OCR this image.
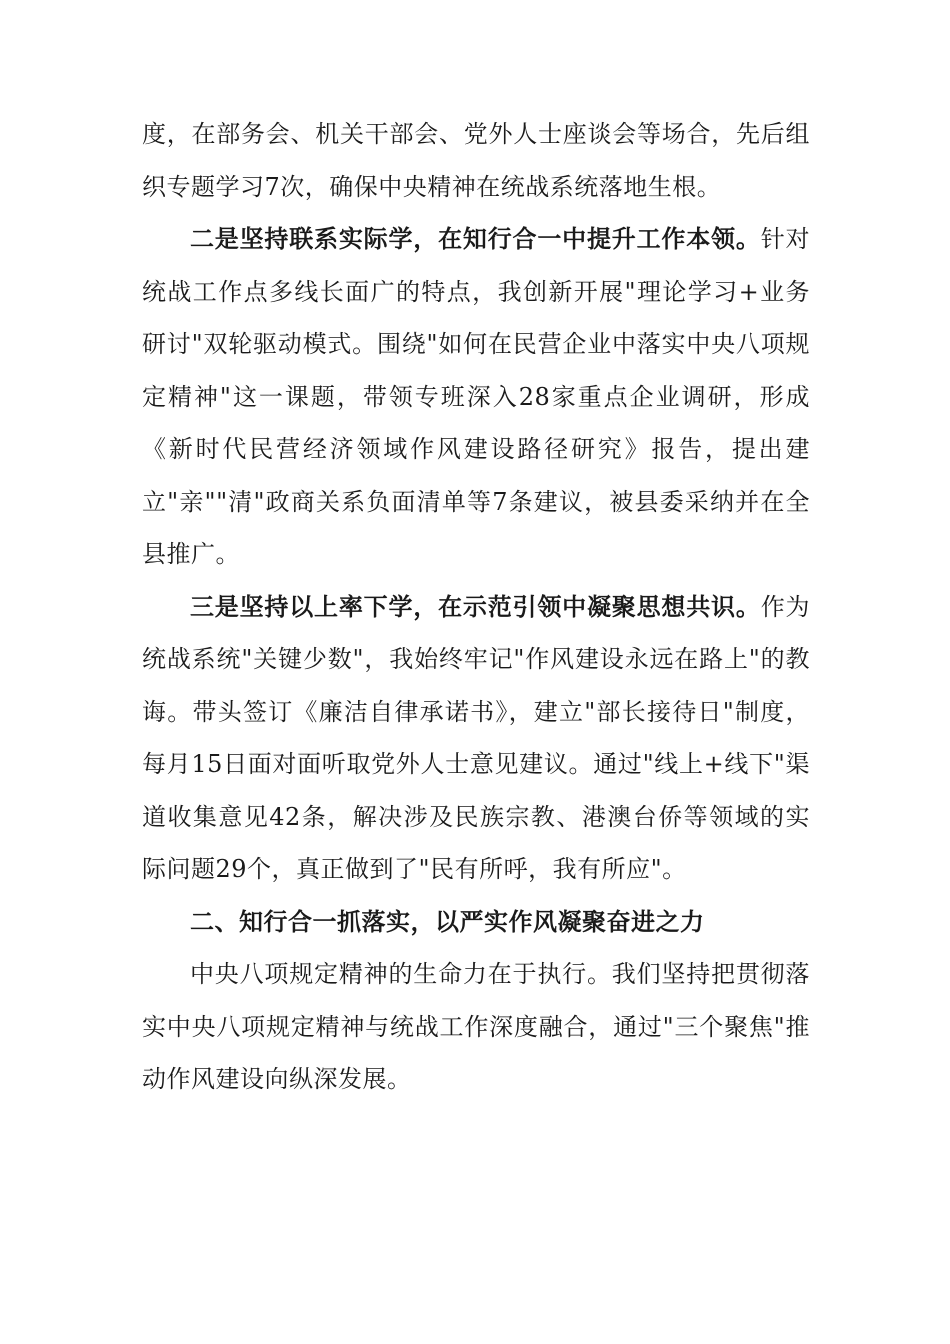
度，在部务会、机关干部会、党外人士座谈会等场合，先后组织专题学习7次，确保中央精神在统战系统落地生根。

二是坚持联系实际学，在知行合一中提升工作本领。针对统战工作点多线长面广的特点，我创新开展"理论学习+业务研讨"双轮驱动模式。围绕"如何在民营企业中落实中央八项规定精神"这一课题，带领专班深入28家重点企业调研，形成《新时代民营经济领域作风建设路径研究》报告，提出建立"亲""清"政商关系负面清单等7条建议，被县委采纳并在全县推广。

三是坚持以上率下学，在示范引领中凝聚思想共识。作为统战系统"关键少数"，我始终牢记"作风建设永远在路上"的教诲。带头签订《廉洁自律承诺书》，建立"部长接待日"制度，每月15日面对面听取党外人士意见建议。通过"线上+线下"渠道收集意见42条，解决涉及民族宗教、港澳台侨等领域的实际问题29个，真正做到了"民有所呼，我有所应"。

二、知行合一抓落实，以严实作风凝聚奋进之力

中央八项规定精神的生命力在于执行。我们坚持把贯彻落实中央八项规定精神与统战工作深度融合，通过"三个聚焦"推动作风建设向纵深发展。
